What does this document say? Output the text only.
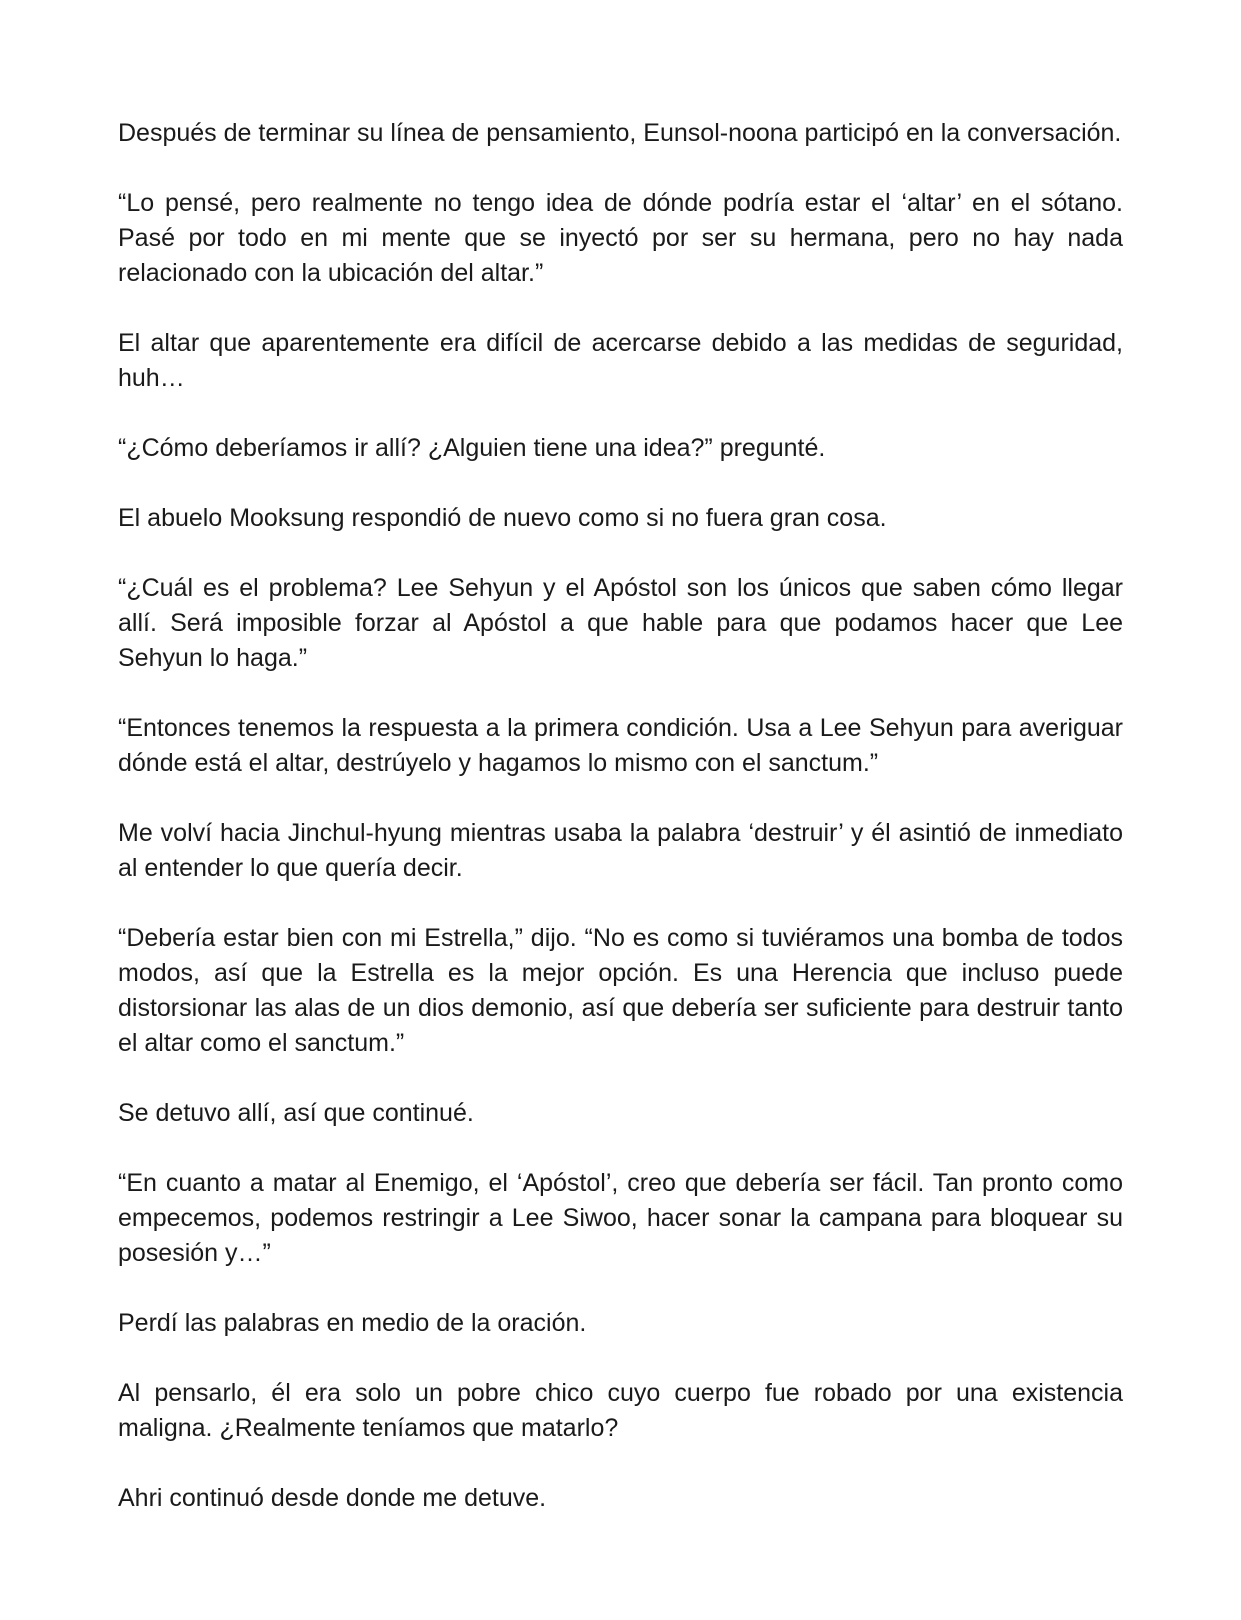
Después de terminar su línea de pensamiento, Eunsol-noona participó en la conversación.

“Lo pensé, pero realmente no tengo idea de dónde podría estar el ‘altar’ en el sótano. Pasé por todo en mi mente que se inyectó por ser su hermana, pero no hay nada relacionado con la ubicación del altar.”

El altar que aparentemente era difícil de acercarse debido a las medidas de seguridad, huh…

“¿Cómo deberíamos ir allí? ¿Alguien tiene una idea?” pregunté.

El abuelo Mooksung respondió de nuevo como si no fuera gran cosa.

“¿Cuál es el problema? Lee Sehyun y el Apóstol son los únicos que saben cómo llegar allí. Será imposible forzar al Apóstol a que hable para que podamos hacer que Lee Sehyun lo haga.”

“Entonces tenemos la respuesta a la primera condición. Usa a Lee Sehyun para averiguar dónde está el altar, destrúyelo y hagamos lo mismo con el sanctum.”

Me volví hacia Jinchul-hyung mientras usaba la palabra ‘destruir’ y él asintió de inmediato al entender lo que quería decir.

“Debería estar bien con mi Estrella,” dijo. “No es como si tuviéramos una bomba de todos modos, así que la Estrella es la mejor opción. Es una Herencia que incluso puede distorsionar las alas de un dios demonio, así que debería ser suficiente para destruir tanto el altar como el sanctum.”

Se detuvo allí, así que continué.

“En cuanto a matar al Enemigo, el ‘Apóstol’, creo que debería ser fácil. Tan pronto como empecemos, podemos restringir a Lee Siwoo, hacer sonar la campana para bloquear su posesión y…”

Perdí las palabras en medio de la oración.

Al pensarlo, él era solo un pobre chico cuyo cuerpo fue robado por una existencia maligna. ¿Realmente teníamos que matarlo?

Ahri continuó desde donde me detuve.
